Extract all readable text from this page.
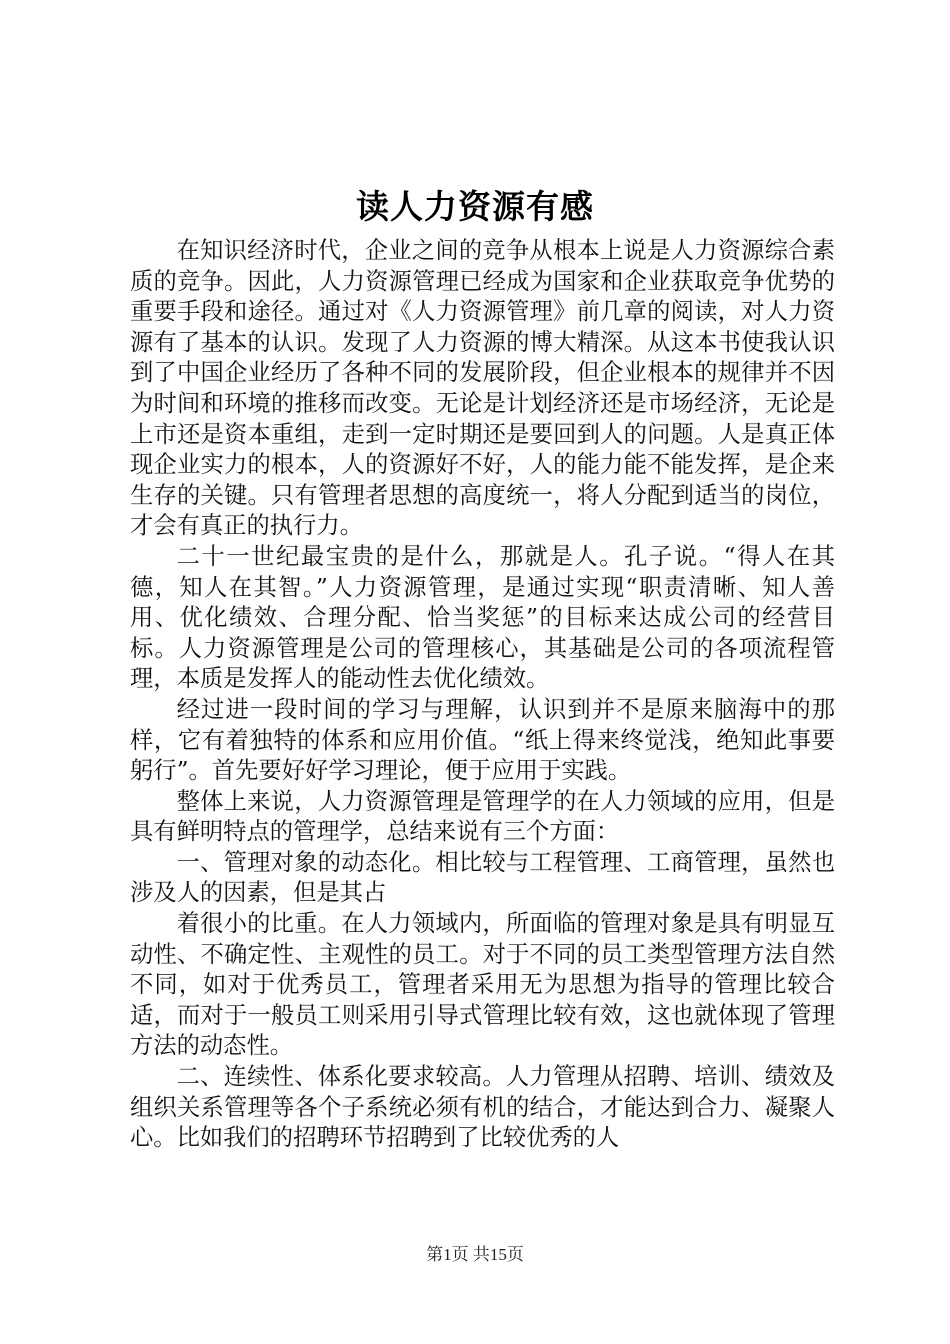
读人力资源有感

在知识经济时代，企业之间的竞争从根本上说是人力资源综合素质的竞争。因此，人力资源管理已经成为国家和企业获取竞争优势的重要手段和途径。通过对《人力资源管理》前几章的阅读，对人力资源有了基本的认识。发现了人力资源的博大精深。从这本书使我认识到了中国企业经历了各种不同的发展阶段，但企业根本的规律并不因为时间和环境的推移而改变。无论是计划经济还是市场经济，无论是上市还是资本重组，走到一定时期还是要回到人的问题。人是真正体现企业实力的根本，人的资源好不好，人的能力能不能发挥，是企来生存的关键。只有管理者思想的高度统一，将人分配到适当的岗位，才会有真正的执行力。

二十一世纪最宝贵的是什么，那就是人。孔子说。“得人在其德，知人在其智。”人力资源管理，是通过实现“职责清晰、知人善用、优化绩效、合理分配、恰当奖惩”的目标来达成公司的经营目标。人力资源管理是公司的管理核心，其基础是公司的各项流程管理，本质是发挥人的能动性去优化绩效。

经过进一段时间的学习与理解，认识到并不是原来脑海中的那样，它有着独特的体系和应用价值。“纸上得来终觉浅，绝知此事要躬行”。首先要好好学习理论，便于应用于实践。

整体上来说，人力资源管理是管理学的在人力领域的应用，但是具有鲜明特点的管理学，总结来说有三个方面：

一、管理对象的动态化。相比较与工程管理、工商管理，虽然也涉及人的因素，但是其占

着很小的比重。在人力领域内，所面临的管理对象是具有明显互动性、不确定性、主观性的员工。对于不同的员工类型管理方法自然不同，如对于优秀员工，管理者采用无为思想为指导的管理比较合适，而对于一般员工则采用引导式管理比较有效，这也就体现了管理方法的动态性。

二、连续性、体系化要求较高。人力管理从招聘、培训、绩效及组织关系管理等各个子系统必须有机的结合，才能达到合力、凝聚人心。比如我们的招聘环节招聘到了比较优秀的人

第1页 共15页
